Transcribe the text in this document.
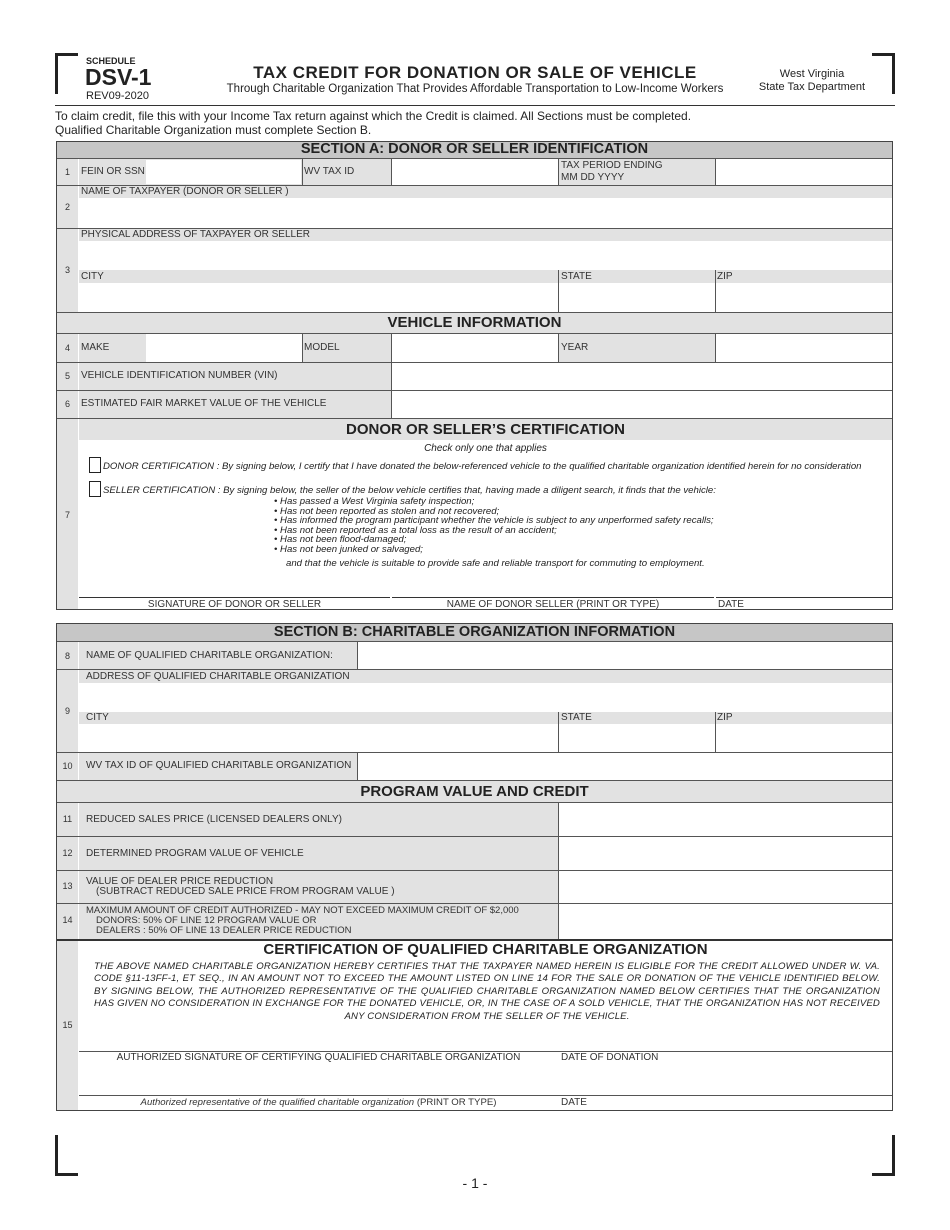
SCHEDULE
DSV-1
REV09-2020
TAX CREDIT FOR DONATION OR SALE OF VEHICLE
Through Charitable Organization That Provides Affordable Transportation to Low-Income Workers
West Virginia
State Tax Department
To claim credit, file this with your Income Tax return against which the Credit is claimed. All Sections must be completed.
Qualified Charitable Organization must complete Section B.
SECTION A: DONOR OR SELLER IDENTIFICATION
1	FEIN OR SSN	WV TAX ID
TAX PERIOD ENDING
MM DD YYYY
2
NAME OF TAXPAYER (DONOR OR SELLER )
3
PHYSICAL ADDRESS OF TAXPAYER OR SELLER
CITY	STATE	ZIP
VEHICLE INFORMATION
4	MAKE	MODEL	YEAR
5	VEHICLE IDENTIFICATION NUMBER (VIN)
6	ESTIMATED FAIR MARKET VALUE OF THE VEHICLE
DONOR OR SELLER’S CERTIFICATION
7
Check only one that applies
DONOR CERTIFICATION : By signing below, I certify that I have donated the below-referenced vehicle to the qualified charitable organization identified herein for no consideration
SELLER CERTIFICATION : By signing below, the seller of the below vehicle certifies that, having made a diligent search, it finds that the vehicle:
• Has passed a West Virginia safety inspection;
• Has not been reported as stolen and not recovered;
• Has informed the program participant whether the vehicle is subject to any unperformed safety recalls;
• Has not been reported as a total loss as the result of an accident;
• Has not been flood-damaged;
• Has not been junked or salvaged;
and that the vehicle is suitable to provide safe and reliable transport for commuting to employment.
SIGNATURE OF DONOR OR SELLER	NAME OF DONOR SELLER (PRINT OR TYPE)	DATE
SECTION B: CHARITABLE ORGANIZATION INFORMATION
8	NAME OF QUALIFIED CHARITABLE ORGANIZATION:
9
ADDRESS OF QUALIFIED CHARITABLE ORGANIZATION
CITY	STATE	ZIP
10	WV TAX ID OF QUALIFIED CHARITABLE ORGANIZATION
PROGRAM VALUE AND CREDIT
11	REDUCED SALES PRICE (LICENSED DEALERS ONLY)
12	DETERMINED PROGRAM VALUE OF VEHICLE
13	VALUE OF DEALER PRICE REDUCTION
(SUBTRACT REDUCED SALE PRICE FROM PROGRAM VALUE )
14
MAXIMUM AMOUNT OF CREDIT AUTHORIZED - MAY NOT EXCEED MAXIMUM CREDIT OF $2,000
DONORS: 50% OF LINE 12 PROGRAM VALUE OR
DEALERS : 50% OF LINE 13 DEALER PRICE REDUCTION
CERTIFICATION OF QUALIFIED CHARITABLE ORGANIZATION
15
THE ABOVE NAMED CHARITABLE ORGANIZATION HEREBY CERTIFIES THAT THE TAXPAYER NAMED HEREIN IS ELIGIBLE FOR THE CREDIT ALLOWED UNDER W. VA. CODE §11-13FF-1, ET SEQ., IN AN AMOUNT NOT TO EXCEED THE AMOUNT LISTED ON LINE 14 FOR THE SALE OR DONATION OF THE VEHICLE IDENTIFIED BELOW. BY SIGNING BELOW, THE AUTHORIZED REPRESENTATIVE OF THE QUALIFIED CHARITABLE ORGANIZATION NAMED BELOW CERTIFIES THAT THE ORGANIZATION HAS GIVEN NO CONSIDERATION IN EXCHANGE FOR THE DONATED VEHICLE, OR, IN THE CASE OF A SOLD VEHICLE, THAT THE ORGANIZATION HAS NOT RECEIVED ANY CONSIDERATION FROM THE SELLER OF THE VEHICLE.
AUTHORIZED SIGNATURE OF CERTIFYING QUALIFIED CHARITABLE ORGANIZATION	DATE OF DONATION
Authorized representative of the qualified charitable organization (PRINT OR TYPE)	DATE
- 1 -
